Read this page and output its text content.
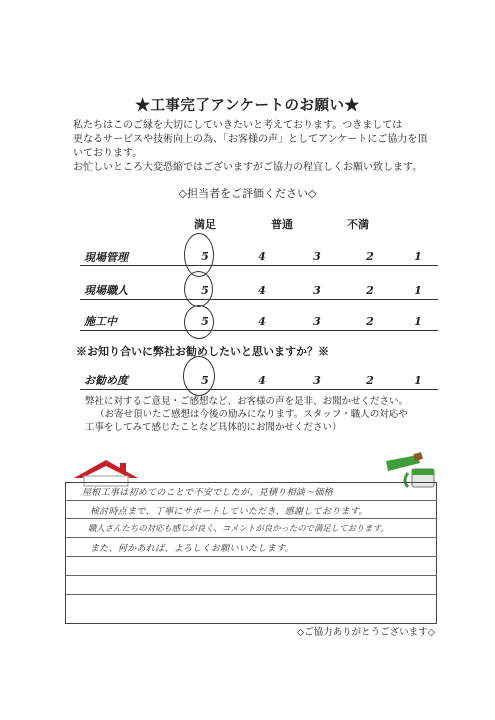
★工事完了アンケートのお願い★

私たちはこのご縁を大切にしていきたいと考えております。つきましては

更なるサービスや技術向上の為、「お客様の声」としてアンケートにご協力を頂

いております。

お忙しいところ大変恐縮ではございますがご協力の程宜しくお願い致します。

◇担当者をご評価ください◇
満足	普通	不満
現場管理	5	4	3	2	1
現場職人	5	4	3	2	1
施工中	5	4	3	2	1
※お知り合いに弊社お勧めしたいと思いますか？※
お勧め度	5	4	3	2	1

弊社に対するご意見・ご感想など、お客様の声を是非、お聞かせください。

（お寄せ頂いたご感想は今後の励みになります。スタッフ・職人の対応や

工事をしてみて感じたことなど具体的にお聞かせください）

屋根工事は初めてのことで不安でしたが、見積り相談～価格
検討時点まで、丁寧にサポートしていただき、感謝しております。
職人さんたちの対応も感じが良く、コメントが良かったので満足しております。
また、何かあれば、よろしくお願いいたします。
◇ご協力ありがとうございます◇
